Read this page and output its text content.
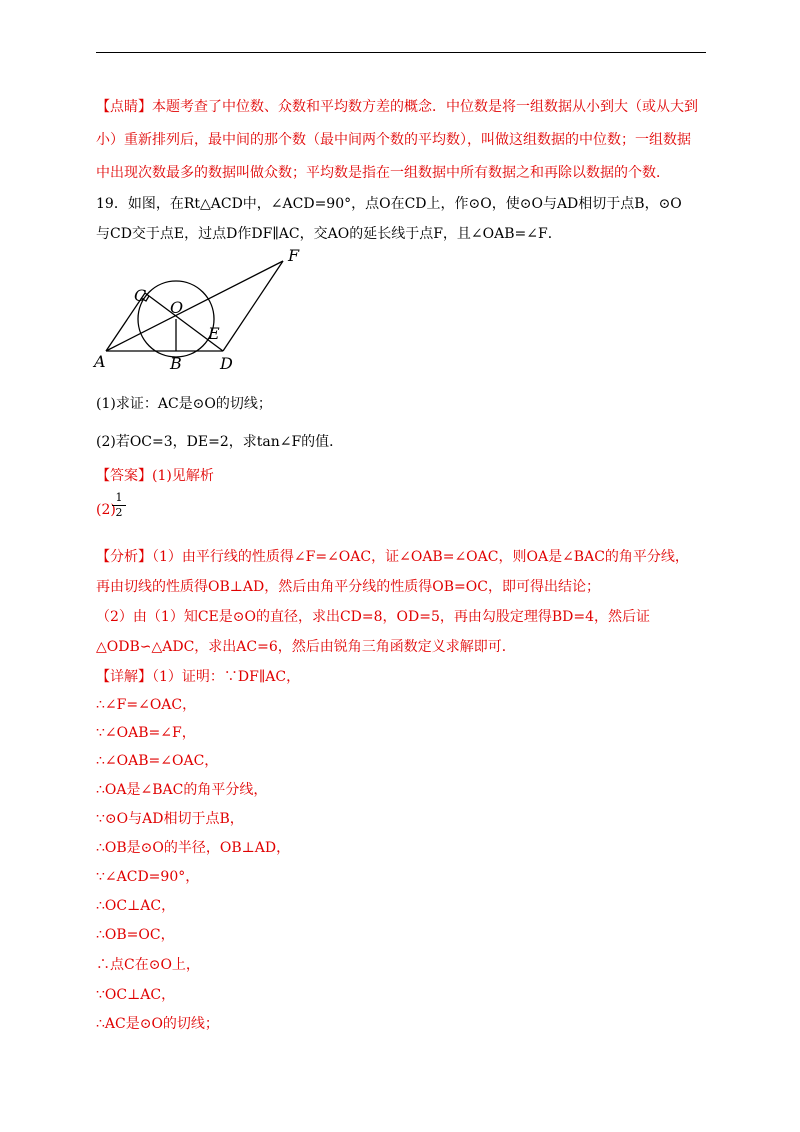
【点睛】本题考查了中位数、众数和平均数方差的概念．中位数是将一组数据从小到大（或从大到
小）重新排列后，最中间的那个数（最中间两个数的平均数），叫做这组数据的中位数；一组数据
中出现次数最多的数据叫做众数；平均数是指在一组数据中所有数据之和再除以数据的个数．
19．如图，在Rt△ACD中，∠ACD=90°，点O在CD上，作⊙O，使⊙O与AD相切于点B，⊙O
与CD交于点E，过点D作DF∥AC，交AO的延长线于点F，且∠OAB=∠F．
C
O
E
F
A	B D
(1)求证：AC是⊙O的切线；
(2)若OC=3，DE=2，求tan∠F的值．
【答案】(1)见解析
(2)
1
2
【分析】（1）由平行线的性质得∠F=∠OAC，证∠OAB=∠OAC，则OA是∠BAC的角平分线，
再由切线的性质得OB⊥AD，然后由角平分线的性质得OB=OC，即可得出结论；
（2）由（1）知CE是⊙O的直径，求出CD=8，OD=5，再由勾股定理得BD=4，然后证
△ODB∽△ADC，求出AC=6，然后由锐角三角函数定义求解即可．
【详解】（1）证明：∵DF∥AC，
∴∠F=∠OAC，
∵∠OAB=∠F，
∴∠OAB=∠OAC，
∴OA是∠BAC的角平分线，
∵⊙O与AD相切于点B，
∴OB是⊙O的半径，OB⊥AD，
∵∠ACD=90°，
∴OC⊥AC，
∴OB=OC，
∴点C在⊙O上，
∵OC⊥AC，
∴AC是⊙O的切线；
